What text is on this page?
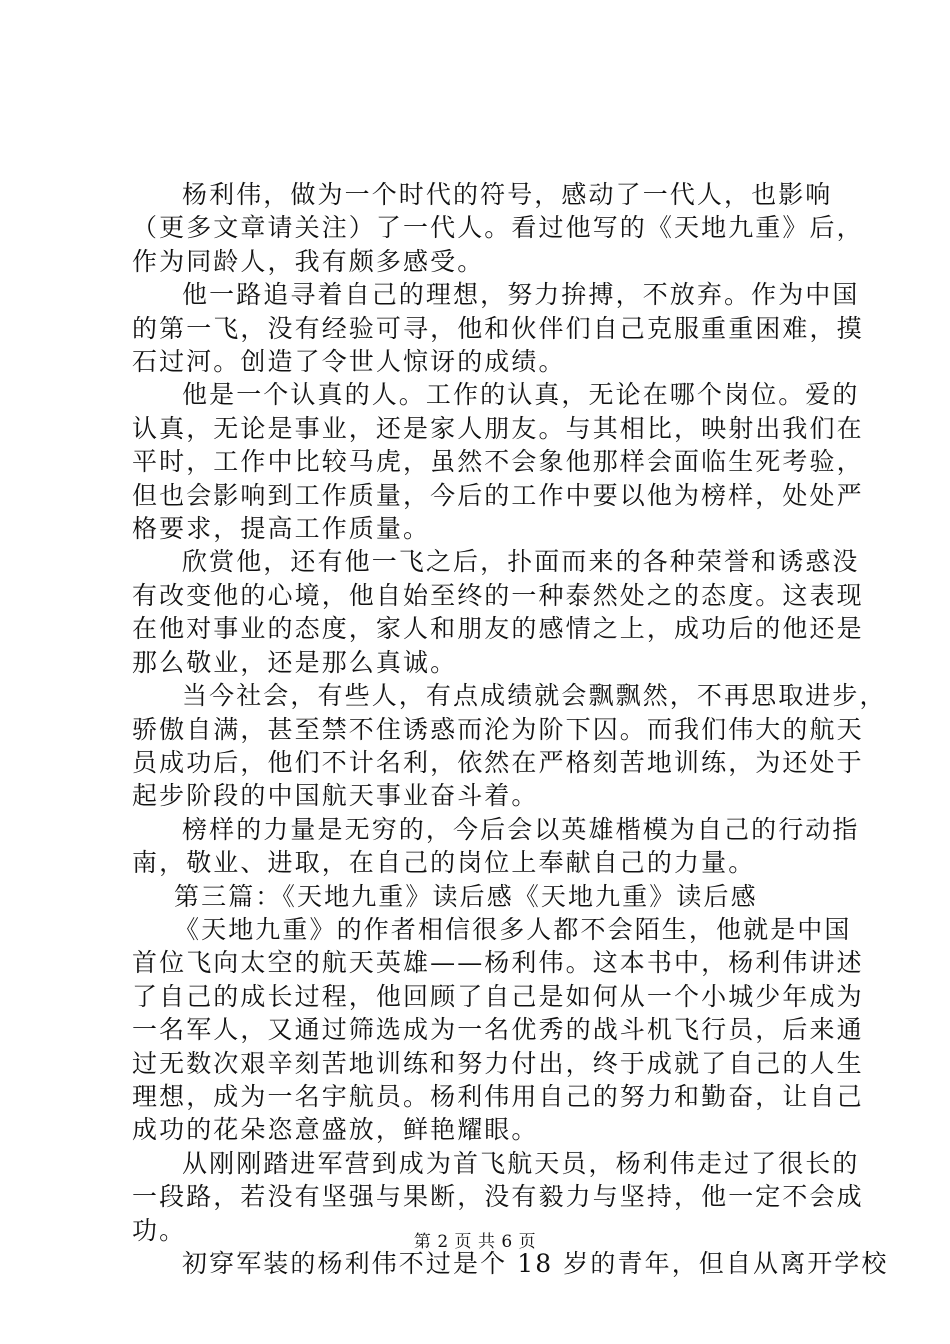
杨利伟，做为一个时代的符号，感动了一代人，也影响
（更多文章请关注）了一代人。看过他写的《天地九重》后，
作为同龄人，我有颇多感受。

他一路追寻着自己的理想，努力拚搏，不放弃。作为中国
的第一飞，没有经验可寻，他和伙伴们自己克服重重困难，摸
石过河。创造了令世人惊讶的成绩。

他是一个认真的人。工作的认真，无论在哪个岗位。爱的
认真，无论是事业，还是家人朋友。与其相比，映射出我们在
平时，工作中比较马虎，虽然不会象他那样会面临生死考验，
但也会影响到工作质量，今后的工作中要以他为榜样，处处严
格要求，提高工作质量。

欣赏他，还有他一飞之后，扑面而来的各种荣誉和诱惑没
有改变他的心境，他自始至终的一种泰然处之的态度。这表现
在他对事业的态度，家人和朋友的感情之上，成功后的他还是
那么敬业，还是那么真诚。

当今社会，有些人，有点成绩就会飘飘然，不再思取进步，
骄傲自满，甚至禁不住诱惑而沦为阶下囚。而我们伟大的航天
员成功后，他们不计名利，依然在严格刻苦地训练，为还处于
起步阶段的中国航天事业奋斗着。

榜样的力量是无穷的，今后会以英雄楷模为自己的行动指
南，敬业、进取，在自己的岗位上奉献自己的力量。

第三篇：《天地九重》读后感《天地九重》读后感

《天地九重》的作者相信很多人都不会陌生，他就是中国
首位飞向太空的航天英雄——杨利伟。这本书中，杨利伟讲述
了自己的成长过程，他回顾了自己是如何从一个小城少年成为
一名军人，又通过筛选成为一名优秀的战斗机飞行员，后来通
过无数次艰辛刻苦地训练和努力付出，终于成就了自己的人生
理想，成为一名宇航员。杨利伟用自己的努力和勤奋，让自己
成功的花朵恣意盛放，鲜艳耀眼。

从刚刚踏进军营到成为首飞航天员，杨利伟走过了很长的
一段路，若没有坚强与果断，没有毅力与坚持，他一定不会成
功。

初穿军装的杨利伟不过是个 18 岁的青年，但自从离开学校

第 2 页 共 6 页
